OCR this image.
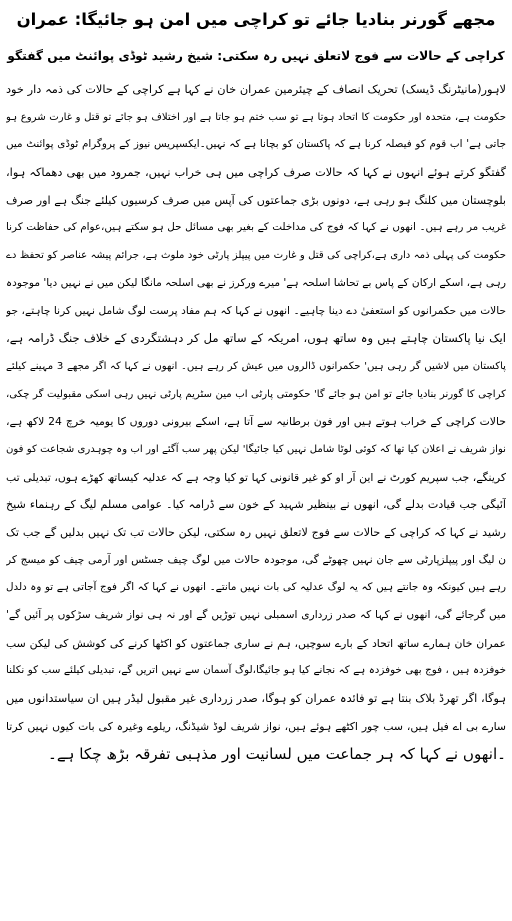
مجھے گورنر بنادیا جائے تو کراچی میں امن ہو جائیگا: عمران
کراچی کے حالات سے فوج لاتعلق نہیں رہ سکتی: شیخ رشید ٹوڈی پوائنٹ میں گفتگو
لاہور(مانیٹرنگ ڈیسک) تحریک انصاف کے چیئرمین عمران خان نے کہا ہے کراچی کے حالات کی ذمہ دار خود
حکومت ہے، متحدہ اور حکومت کا اتحاد ہوتا ہے تو سب ختم ہو جاتا ہے اور اختلاف ہو جائے تو قتل و غارت شروع ہو
جاتی ہے' اب قوم کو فیصلہ کرنا ہے کہ پاکستان کو بچانا ہے کہ نہیں۔ایکسپریس نیوز کے پروگرام ٹوڈی پوائنٹ میں
گفتگو کرتے ہوئے انہوں نے کہا کہ حالات صرف کراچی میں ہی خراب نہیں، جمرود میں بھی دھماکہ ہوا،
بلوچستان میں کلنگ ہو رہی ہے، دونوں بڑی جماعتوں کی آپس میں صرف کرسیوں کیلئے جنگ ہے اور صرف
غریب مر رہے ہیں۔ انھوں نے کہا کہ فوج کی مداخلت کے بغیر بھی مسائل حل ہو سکتے ہیں،عوام کی حفاظت کرنا
حکومت کی پہلی ذمہ داری ہے،کراچی کی قتل و غارت میں پیپلز پارٹی خود ملوث ہے، جرائم پیشہ عناصر کو تحفظ دے
رہی ہے، اسکے ارکان کے پاس بے تحاشا اسلحہ ہے' میرے ورکرز نے بھی اسلحہ مانگا لیکن میں نے نہیں دیا' موجودہ
حالات میں حکمرانوں کو استعفیٰ دے دینا چاہیے۔ انھوں نے کہا کہ ہم مفاد پرست لوگ شامل نہیں کرنا چاہتے، جو
ایک نیا پاکستان چاہتے ہیں وہ ساتھ ہوں، امریکہ کے ساتھ مل کر دہشتگردی کے خلاف جنگ ڈرامہ ہے،
پاکستان میں لاشیں گر رہی ہیں' حکمرانوں ڈالروں میں عیش کر رہے ہیں۔ انھوں نے کہا کہ اگر مجھے 3 مہینے کیلئے
کراچی کا گورنر بنادیا جائے تو امن ہو جائے گا' حکومتی پارٹی اب مین سٹریم پارٹی نہیں رہی اسکی مقبولیت گر چکی،
حالات کراچی کے خراب ہوتے ہیں اور فون برطانیہ سے آتا ہے، اسکے بیرونی دوروں کا یومیہ خرچ 24 لاکھ ہے،
نواز شریف نے اعلان کیا تھا کہ کوئی لوٹا شامل نہیں کیا جائیگا' لیکن پھر سب آگئے اور اب وہ چوہدری شجاعت کو فون
کرینگے، جب سپریم کورٹ نے این آر او کو غیر قانونی کہا تو کیا وجہ ہے کہ عدلیہ کیساتھ کھڑے ہوں، تبدیلی تب
آئیگی جب قیادت بدلے گی، انھوں نے بینظیر شہید کے خون سے ڈرامہ کیا۔ عوامی مسلم لیگ کے رہنماء شیخ
رشید نے کہا کہ کراچی کے حالات سے فوج لاتعلق نہیں رہ سکتی، لیکن حالات تب تک نہیں بدلیں گے جب تک
ن لیگ اور پیپلزپارٹی سے جان نہیں چھوٹے گی، موجودہ حالات میں لوگ چیف جسٹس اور آرمی چیف کو میسج کر
رہے ہیں کیونکہ وہ جانتے ہیں کہ یہ لوگ عدلیہ کی بات نہیں مانتے۔ انھوں نے کہا کہ اگر فوج آجاتی ہے تو وہ دلدل
میں گرجائے گی، انھوں نے کہا کہ صدر زرداری اسمبلی نہیں توڑیں گے اور نہ ہی نواز شریف سڑکوں پر آئیں گے'
عمران خان ہمارے ساتھ اتحاد کے بارے سوچیں، ہم نے ساری جماعتوں کو اکٹھا کرنے کی کوشش کی لیکن سب
خوفزدہ ہیں ، فوج بھی خوفزدہ ہے کہ نجانے کیا ہو جائیگا،لوگ آسمان سے نہیں اتریں گے، تبدیلی کیلئے سب کو نکلنا
ہوگا، اگر تھرڈ بلاک بنتا ہے تو فائدہ عمران کو ہوگا، صدر زرداری غیر مقبول لیڈر ہیں ان سیاستدانوں میں
سارے بی اے فیل ہیں، سب چور اکٹھے ہوئے ہیں، نواز شریف لوڈ شیڈنگ، ریلوے وغیرہ کی بات کیوں نہیں کرتا
۔انھوں نے کہا کہ ہر جماعت میں لسانیت اور مذہبی تفرقہ بڑھ چکا ہے۔
